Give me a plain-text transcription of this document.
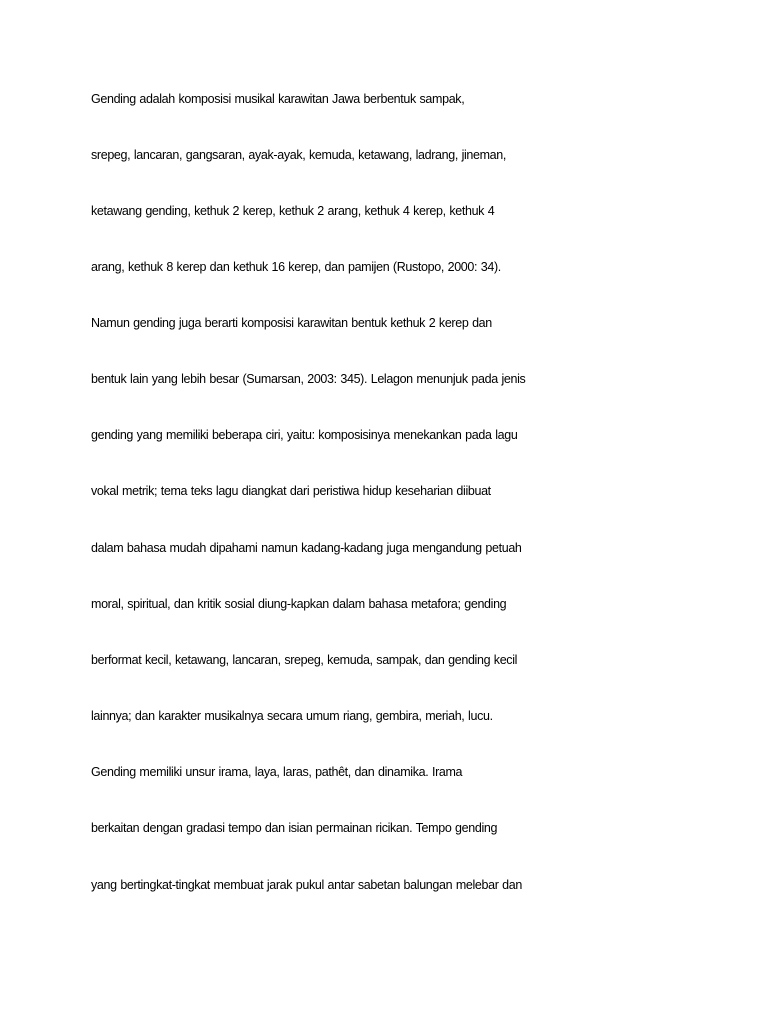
Gending adalah komposisi musikal karawitan Jawa berbentuk sampak,

srepeg, lancaran, gangsaran, ayak-ayak, kemuda, ketawang, ladrang, jineman,

ketawang gending, kethuk 2 kerep, kethuk 2 arang, kethuk 4 kerep, kethuk 4

arang, kethuk 8 kerep dan kethuk 16 kerep, dan pamijen (Rustopo, 2000: 34).

Namun gending juga berarti komposisi karawitan bentuk kethuk 2 kerep dan

bentuk lain yang lebih besar (Sumarsan, 2003: 345). Lelagon menunjuk pada jenis

gending yang memiliki beberapa ciri, yaitu: komposisinya menekankan pada lagu

vokal metrik; tema teks lagu diangkat dari peristiwa hidup keseharian diibuat

dalam bahasa mudah dipahami namun kadang-kadang juga mengandung petuah

moral, spiritual, dan kritik sosial diung-kapkan dalam bahasa metafora; gending

berformat kecil, ketawang, lancaran, srepeg, kemuda, sampak, dan gending kecil

lainnya; dan karakter musikalnya secara umum riang, gembira, meriah, lucu.

Gending memiliki unsur irama, laya, laras, pathêt, dan dinamika. Irama

berkaitan dengan gradasi tempo dan isian permainan ricikan. Tempo gending

yang bertingkat-tingkat membuat jarak pukul antar sabetan balungan melebar dan
